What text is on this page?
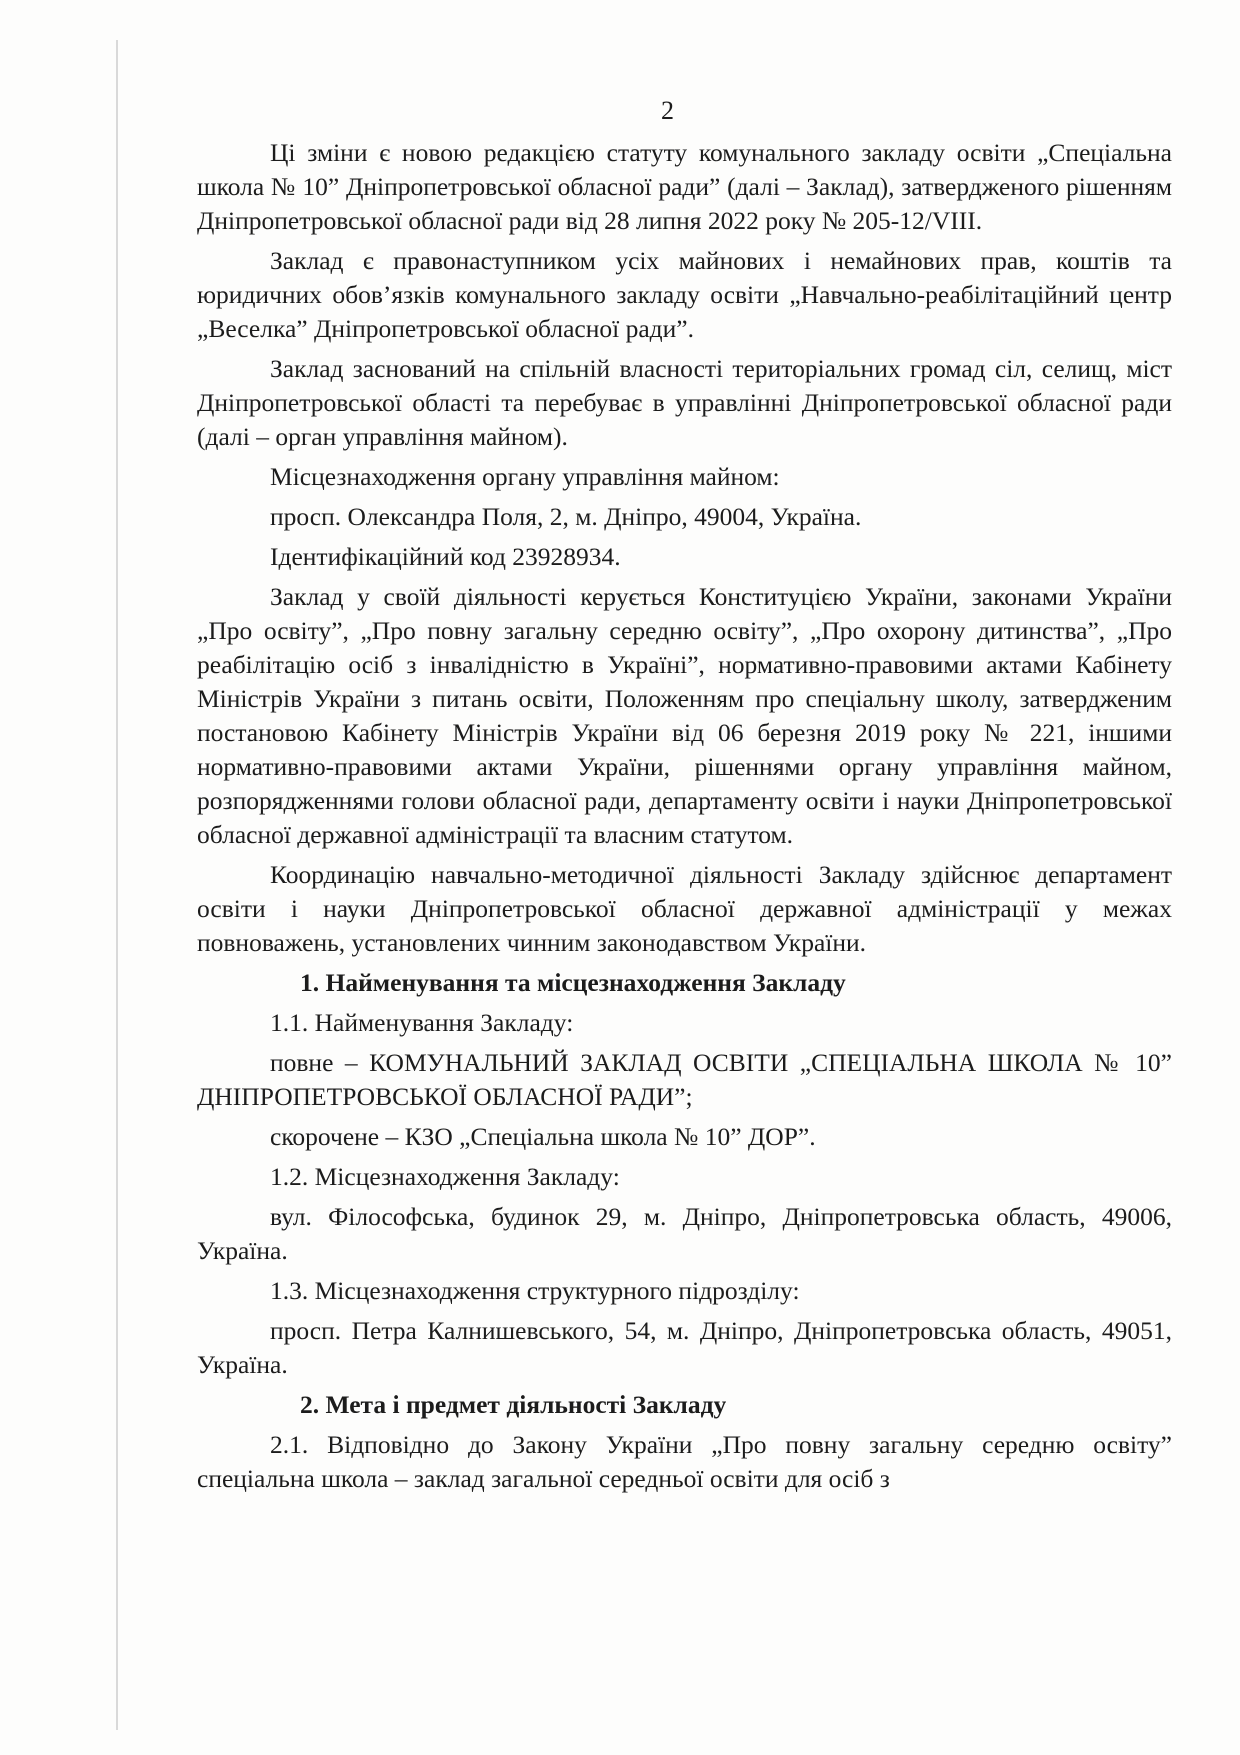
2

Ці зміни є новою редакцією статуту комунального закладу освіти „Спеціальна школа № 10” Дніпропетровської обласної ради” (далі – Заклад), затвердженого рішенням Дніпропетровської обласної ради від 28 липня 2022 року № 205-12/VIII.

Заклад є правонаступником усіх майнових і немайнових прав, коштів та юридичних обов’язків комунального закладу освіти „Навчально-реабілітаційний центр „Веселка” Дніпропетровської обласної ради”.

Заклад заснований на спільній власності територіальних громад сіл, селищ, міст Дніпропетровської області та перебуває в управлінні Дніпропетровської обласної ради (далі – орган управління майном).

Місцезнаходження органу управління майном:

просп. Олександра Поля, 2, м. Дніпро, 49004, Україна.

Ідентифікаційний код 23928934.

Заклад у своїй діяльності керується Конституцією України, законами України „Про освіту”, „Про повну загальну середню освіту”, „Про охорону дитинства”, „Про реабілітацію осіб з інвалідністю в Україні”, нормативно-правовими актами Кабінету Міністрів України з питань освіти, Положенням про спеціальну школу, затвердженим постановою Кабінету Міністрів України від 06 березня 2019 року № 221, іншими нормативно-правовими актами України, рішеннями органу управління майном, розпорядженнями голови обласної ради, департаменту освіти і науки Дніпропетровської обласної державної адміністрації та власним статутом.

Координацію навчально-методичної діяльності Закладу здійснює департамент освіти і науки Дніпропетровської обласної державної адміністрації у межах повноважень, установлених чинним законодавством України.

1. Найменування та місцезнаходження Закладу

1.1. Найменування Закладу:

повне – КОМУНАЛЬНИЙ ЗАКЛАД ОСВІТИ „СПЕЦІАЛЬНА ШКОЛА № 10” ДНІПРОПЕТРОВСЬКОЇ ОБЛАСНОЇ РАДИ”;

скорочене – КЗО „Спеціальна школа № 10” ДОР”.

1.2. Місцезнаходження Закладу:

вул. Філософська, будинок 29, м. Дніпро, Дніпропетровська область, 49006, Україна.

1.3. Місцезнаходження структурного підрозділу:

просп. Петра Калнишевського, 54, м. Дніпро, Дніпропетровська область, 49051, Україна.

2. Мета і предмет діяльності Закладу

2.1. Відповідно до Закону України „Про повну загальну середню освіту” спеціальна школа – заклад загальної середньої освіти для осіб з
